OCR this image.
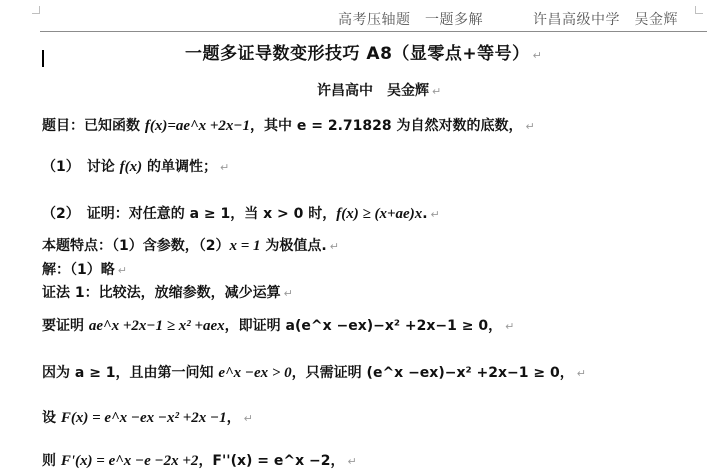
高考压轴题　一题多解	许昌高级中学　吴金辉
一题多证导数变形技巧 A8（显零点+等号） ↵
许昌高中　吴金辉 ↵
题目：已知函数 f(x)=ae^x +2x−1，其中 e = 2.71828 为自然对数的底数， ↵
（1）　讨论 f(x) 的单调性； ↵
（2）　证明：对任意的 a ≥ 1，当 x > 0 时，f(x) ≥ (x+ae)x. ↵
本题特点：（1）含参数，（2）x = 1 为极值点. ↵
解：（1）略 ↵
证法 1：比较法，放缩参数，减少运算 ↵
要证明 ae^x +2x−1 ≥ x² +aex，即证明 a(e^x −ex)−x² +2x−1 ≥ 0， ↵
因为 a ≥ 1，且由第一问知 e^x −ex > 0，只需证明 (e^x −ex)−x² +2x−1 ≥ 0， ↵
设 F(x) = e^x −ex −x² +2x −1， ↵
则 F'(x) = e^x −e −2x +2，F''(x) = e^x −2， ↵
